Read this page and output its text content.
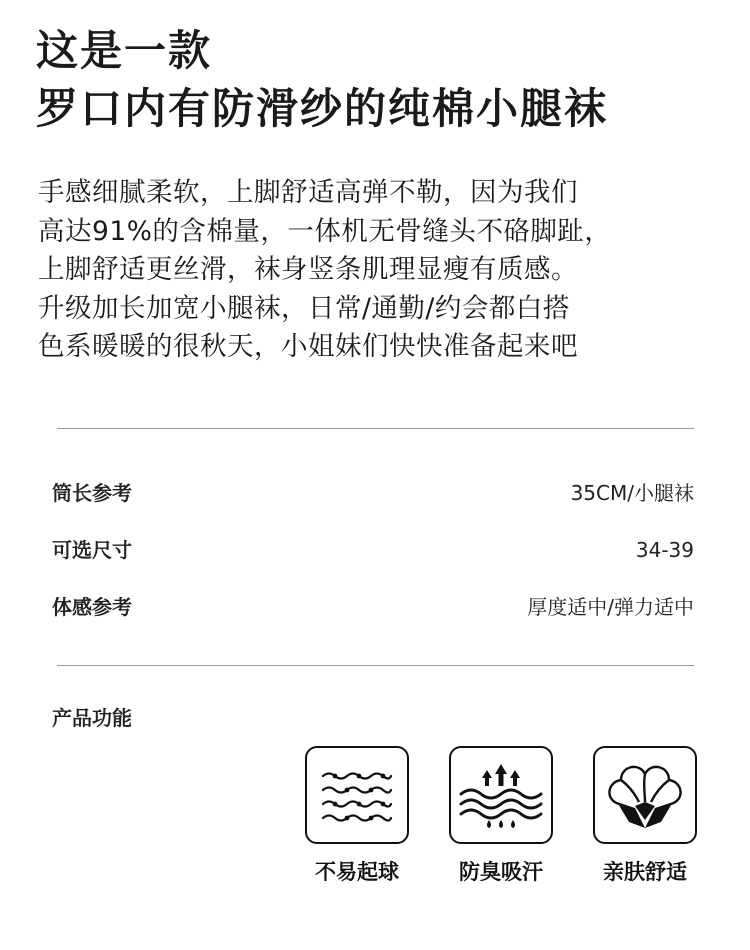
这是一款
罗口内有防滑纱的纯棉小腿袜
手感细腻柔软，上脚舒适高弹不勒，因为我们
高达91%的含棉量，一体机无骨缝头不硌脚趾，
上脚舒适更丝滑，袜身竖条肌理显瘦有质感。
升级加长加宽小腿袜，日常/通勤/约会都白搭
色系暖暖的很秋天，小姐妹们快快准备起来吧
筒长参考	35CM/小腿袜
可选尺寸	34-39
体感参考	厚度适中/弹力适中
产品功能
不易起球	防臭吸汗	亲肤舒适
